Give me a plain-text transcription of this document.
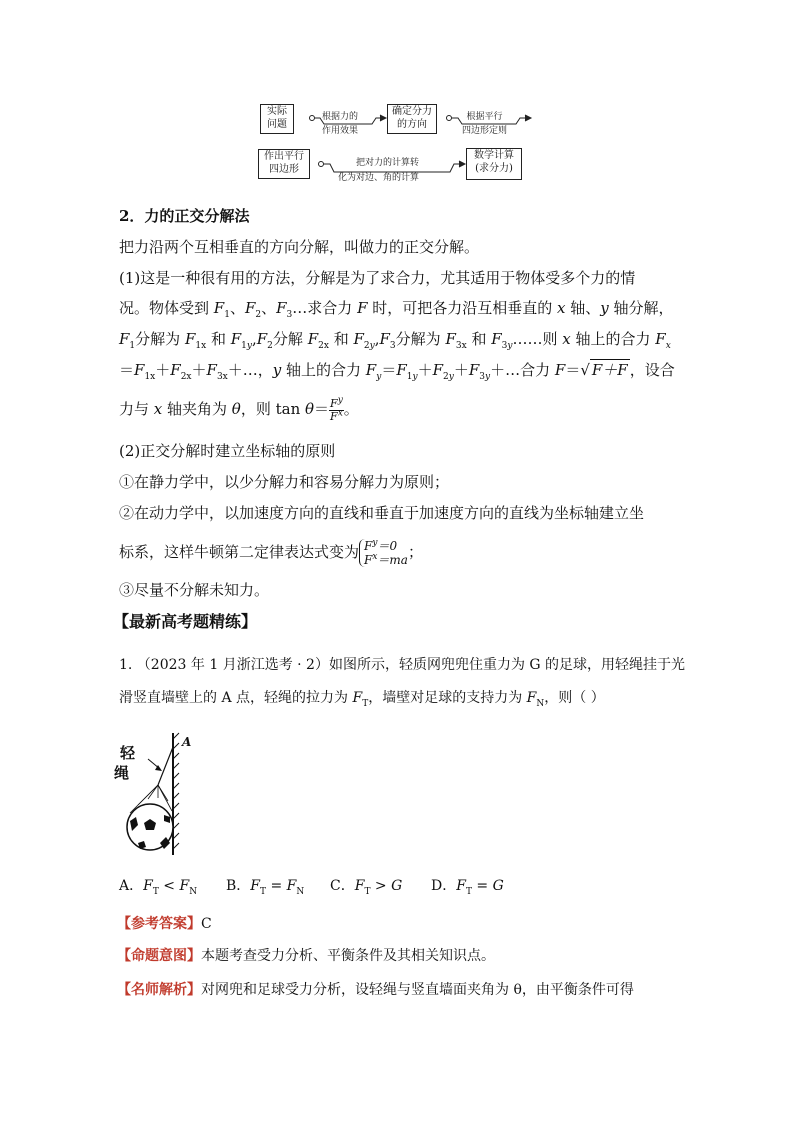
实际
问题
确定分力
的方向
作出平行
四边形
数学计算
(求分力)
根据力的
作用效果
根据平行
四边形定则
把对力的计算转
化为对边、角的计算
2．力的正交分解法
把力沿两个互相垂直的方向分解，叫做力的正交分解。
(1)这是一种很有用的方法，分解是为了求合力，尤其适用于物体受多个力的情
况。物体受到 $F_1$、$F_2$、$F_3\dots$求合力 F 时，可把各力沿互相垂直的 x 轴、y 轴分解，
$F_1$分解为 $F_{1x}$ 和 $F_{1y},F_2$分解 $F_{2x}$ 和 $F_{2y},F_3$分解为 $F_{3x}$ 和 $F_{3y}\dots\dots$则 x 轴上的合力 $F_x$
$=F_{1x}+F_{2x}+F_{3x}+\dots$，y 轴上的合力 $F_y=F_{1y}+F_{2y}+F_{3y}+\dots$合力 F＝√ F＋F ，设合
力与 x 轴夹角为 θ，则 $\tan \theta= \frac{F^y}{F^x}$ 。
(2)正交分解时建立坐标轴的原则
①在静力学中，以少分解力和容易分解力为原则；
②在动力学中，以加速度方向的直线和垂直于加速度方向的直线为坐标轴建立坐
标系，这样牛顿第二定律表达式变为 $F^y=0$
$F^x=ma$ ；
③尽量不分解未知力。
【最新高考题精练】
1. （2023 年 1 月浙江选考 · 2）如图所示，轻质网兜兜住重力为 G 的足球，用轻绳挂于光
滑竖直墙壁上的 A 点，轻绳的拉力为 $F_T$，墙壁对足球的支持力为 $F_N$，则（ ）
轻
绳
A
A．$F_T < F_N$ B．$F_T = F_N$ C．$F_T > G$ D．$F_T = G$
【参考答案】C
【命题意图】本题考查受力分析、平衡条件及其相关知识点。
【名师解析】对网兜和足球受力分析，设轻绳与竖直墙面夹角为 θ，由平衡条件可得
